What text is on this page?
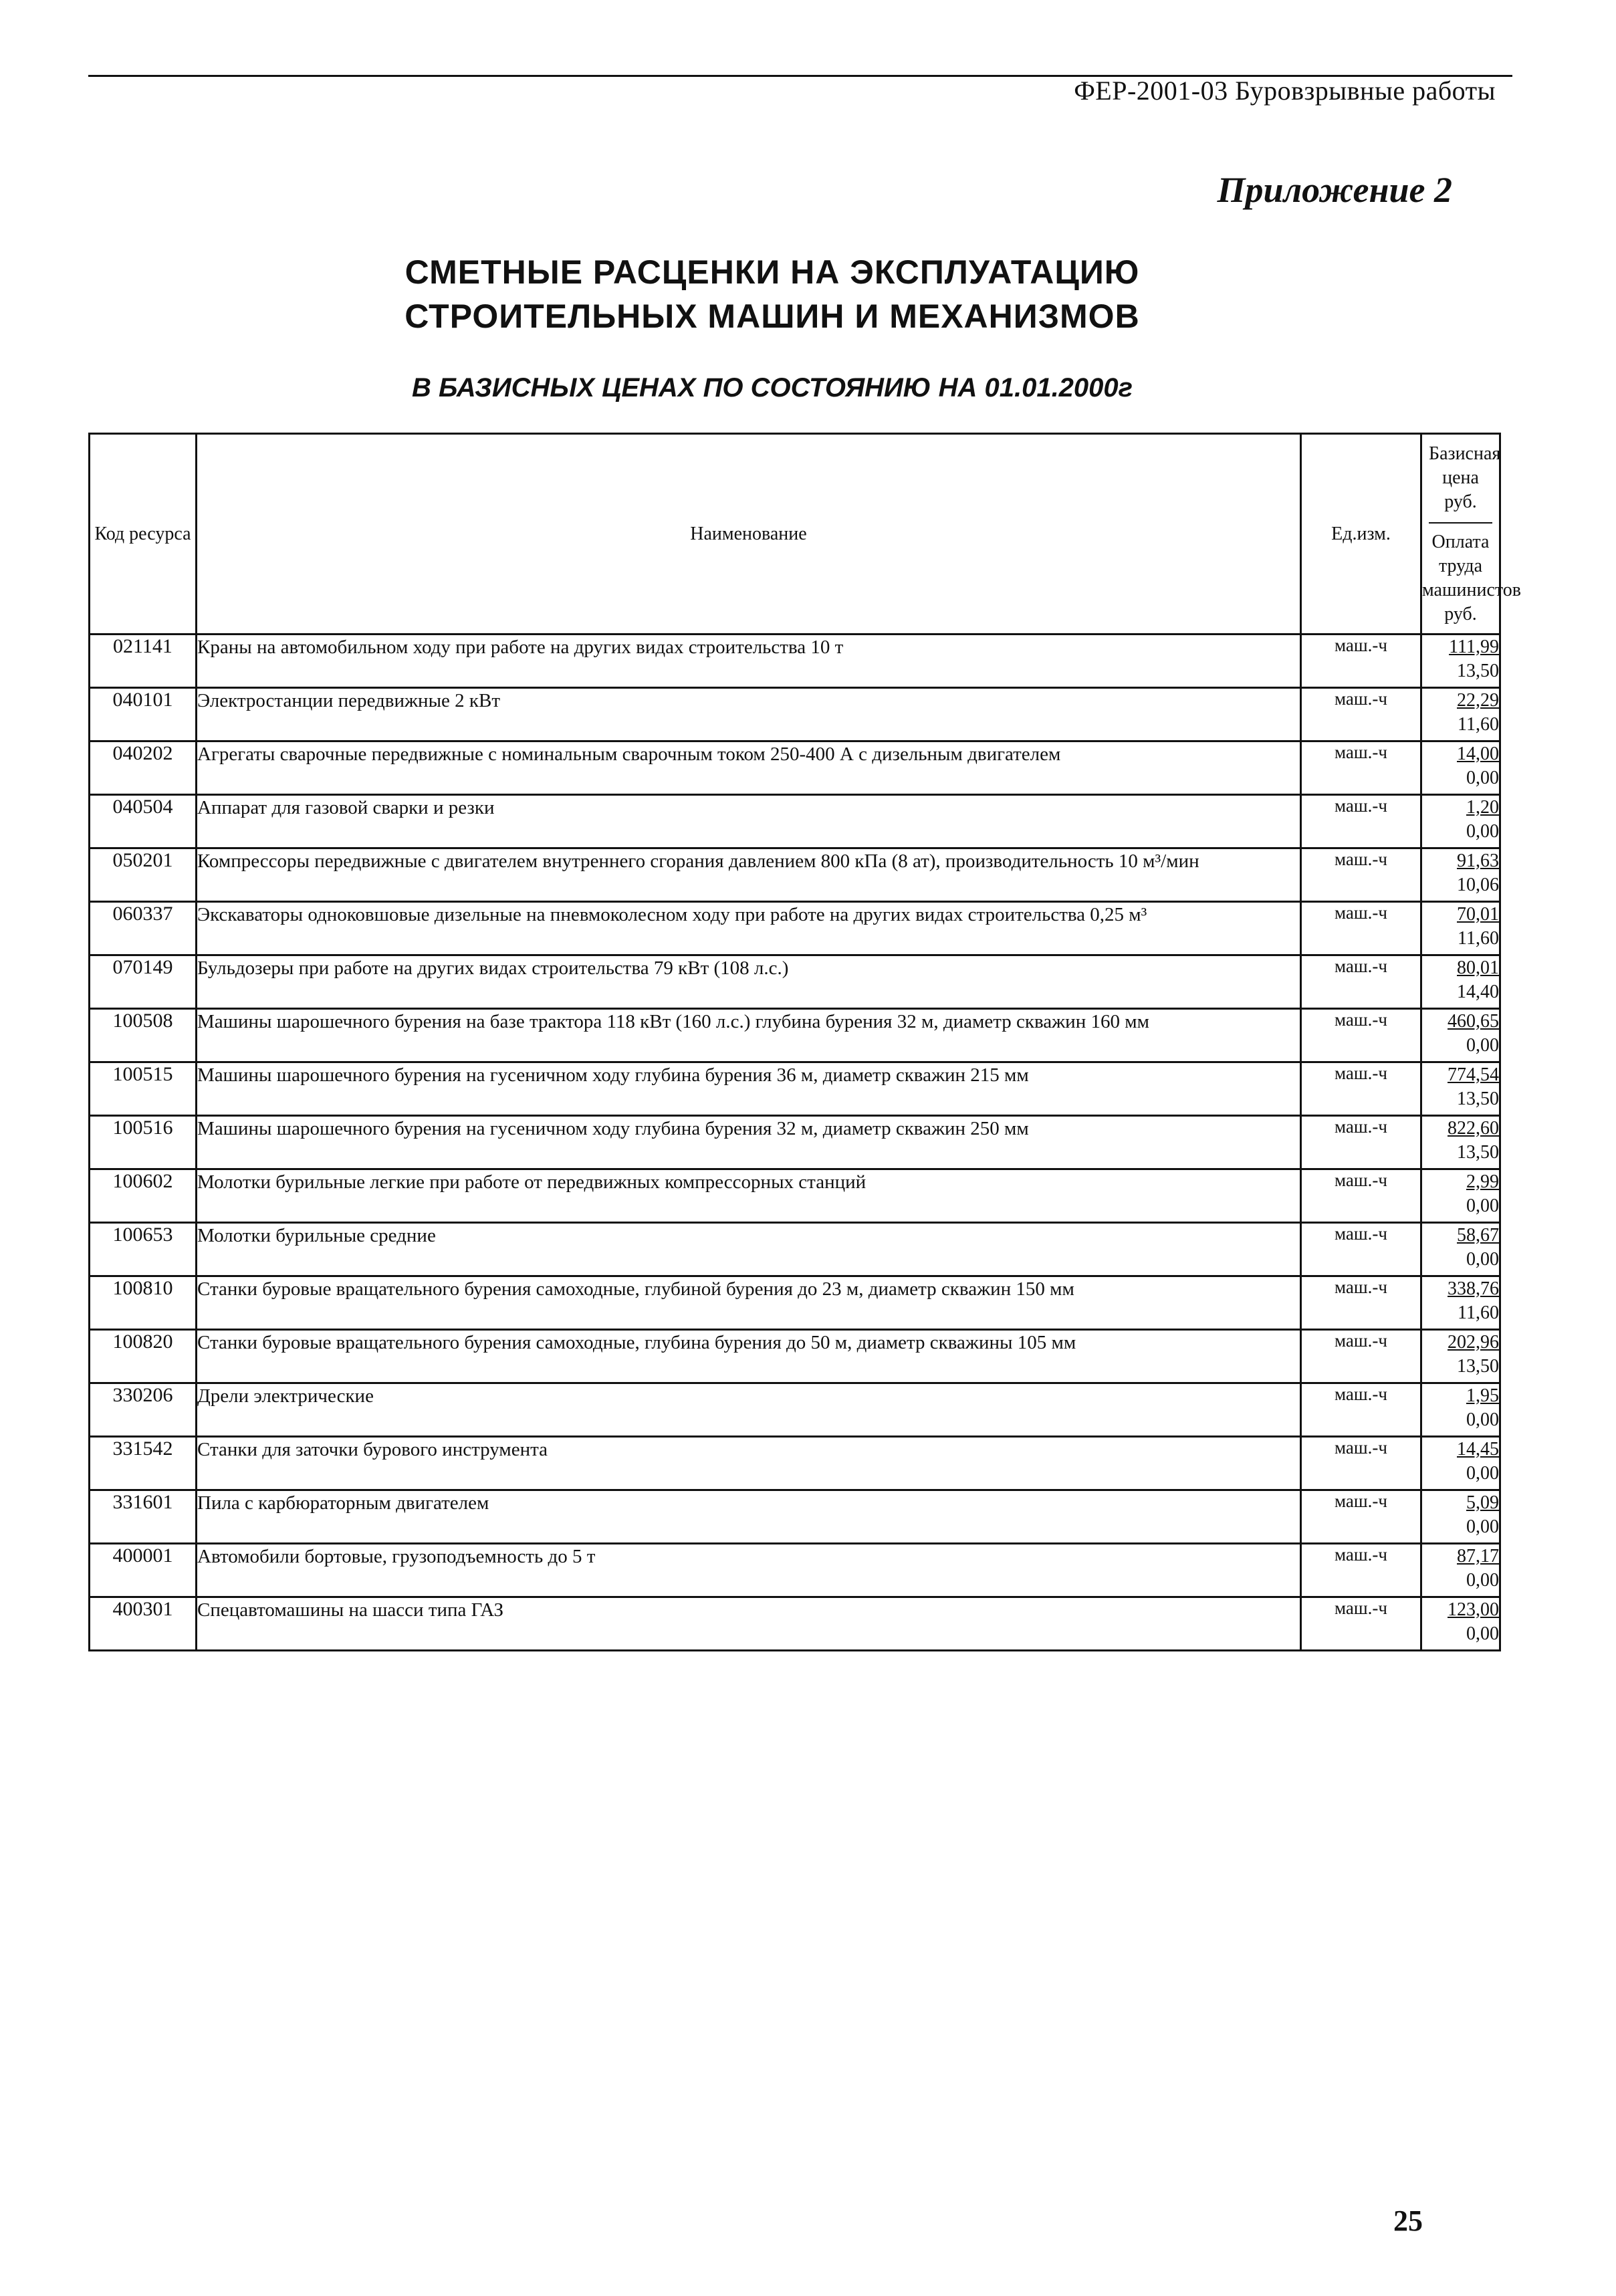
ФЕР-2001-03 Буровзрывные работы
Приложение 2
СМЕТНЫЕ РАСЦЕНКИ НА ЭКСПЛУАТАЦИЮ
СТРОИТЕЛЬНЫХ МАШИН И МЕХАНИЗМОВ
В БАЗИСНЫХ ЦЕНАХ ПО СОСТОЯНИЮ НА 01.01.2000г
Код ресурса	Наименование	Ед.изм.	Базисная цена руб.
Оплата труда машинистов руб.

021141	Краны на автомобильном ходу при работе на других видах строительства 10 т	маш.-ч	111,99
13,50

040101	Электростанции передвижные 2 кВт	маш.-ч	22,29
11,60

040202	Агрегаты сварочные передвижные с номинальным сварочным током 250-400 А с дизельным двигателем	маш.-ч	14,00
0,00

040504	Аппарат для газовой сварки и резки	маш.-ч	1,20
0,00

050201	Компрессоры передвижные с двигателем внутреннего сгорания давлением 800 кПа (8 ат), производительность 10 м³/мин	маш.-ч	91,63
10,06

060337	Экскаваторы одноковшовые дизельные на пневмоколесном ходу при работе на других видах строительства 0,25 м³	маш.-ч	70,01
11,60

070149	Бульдозеры при работе на других видах строительства 79 кВт (108 л.с.)	маш.-ч	80,01
14,40

100508	Машины шарошечного бурения на базе трактора 118 кВт (160 л.с.) глубина бурения 32 м, диаметр скважин 160 мм	маш.-ч	460,65
0,00

100515	Машины шарошечного бурения на гусеничном ходу глубина бурения 36 м, диаметр скважин 215 мм	маш.-ч	774,54
13,50

100516	Машины шарошечного бурения на гусеничном ходу глубина бурения 32 м, диаметр скважин 250 мм	маш.-ч	822,60
13,50

100602	Молотки бурильные легкие при работе от передвижных компрессорных станций	маш.-ч	2,99
0,00

100653	Молотки бурильные средние	маш.-ч	58,67
0,00

100810	Станки буровые вращательного бурения самоходные, глубиной бурения до 23 м, диаметр скважин 150 мм	маш.-ч	338,76
11,60

100820	Станки буровые вращательного бурения самоходные, глубина бурения до 50 м, диаметр скважины 105 мм	маш.-ч	202,96
13,50

330206	Дрели электрические	маш.-ч	1,95
0,00

331542	Станки для заточки бурового инструмента	маш.-ч	14,45
0,00

331601	Пила с карбюраторным двигателем	маш.-ч	5,09
0,00

400001	Автомобили бортовые, грузоподъемность до 5 т	маш.-ч	87,17
0,00

400301	Спецавтомашины на шасси типа ГАЗ	маш.-ч	123,00
0,00
25
